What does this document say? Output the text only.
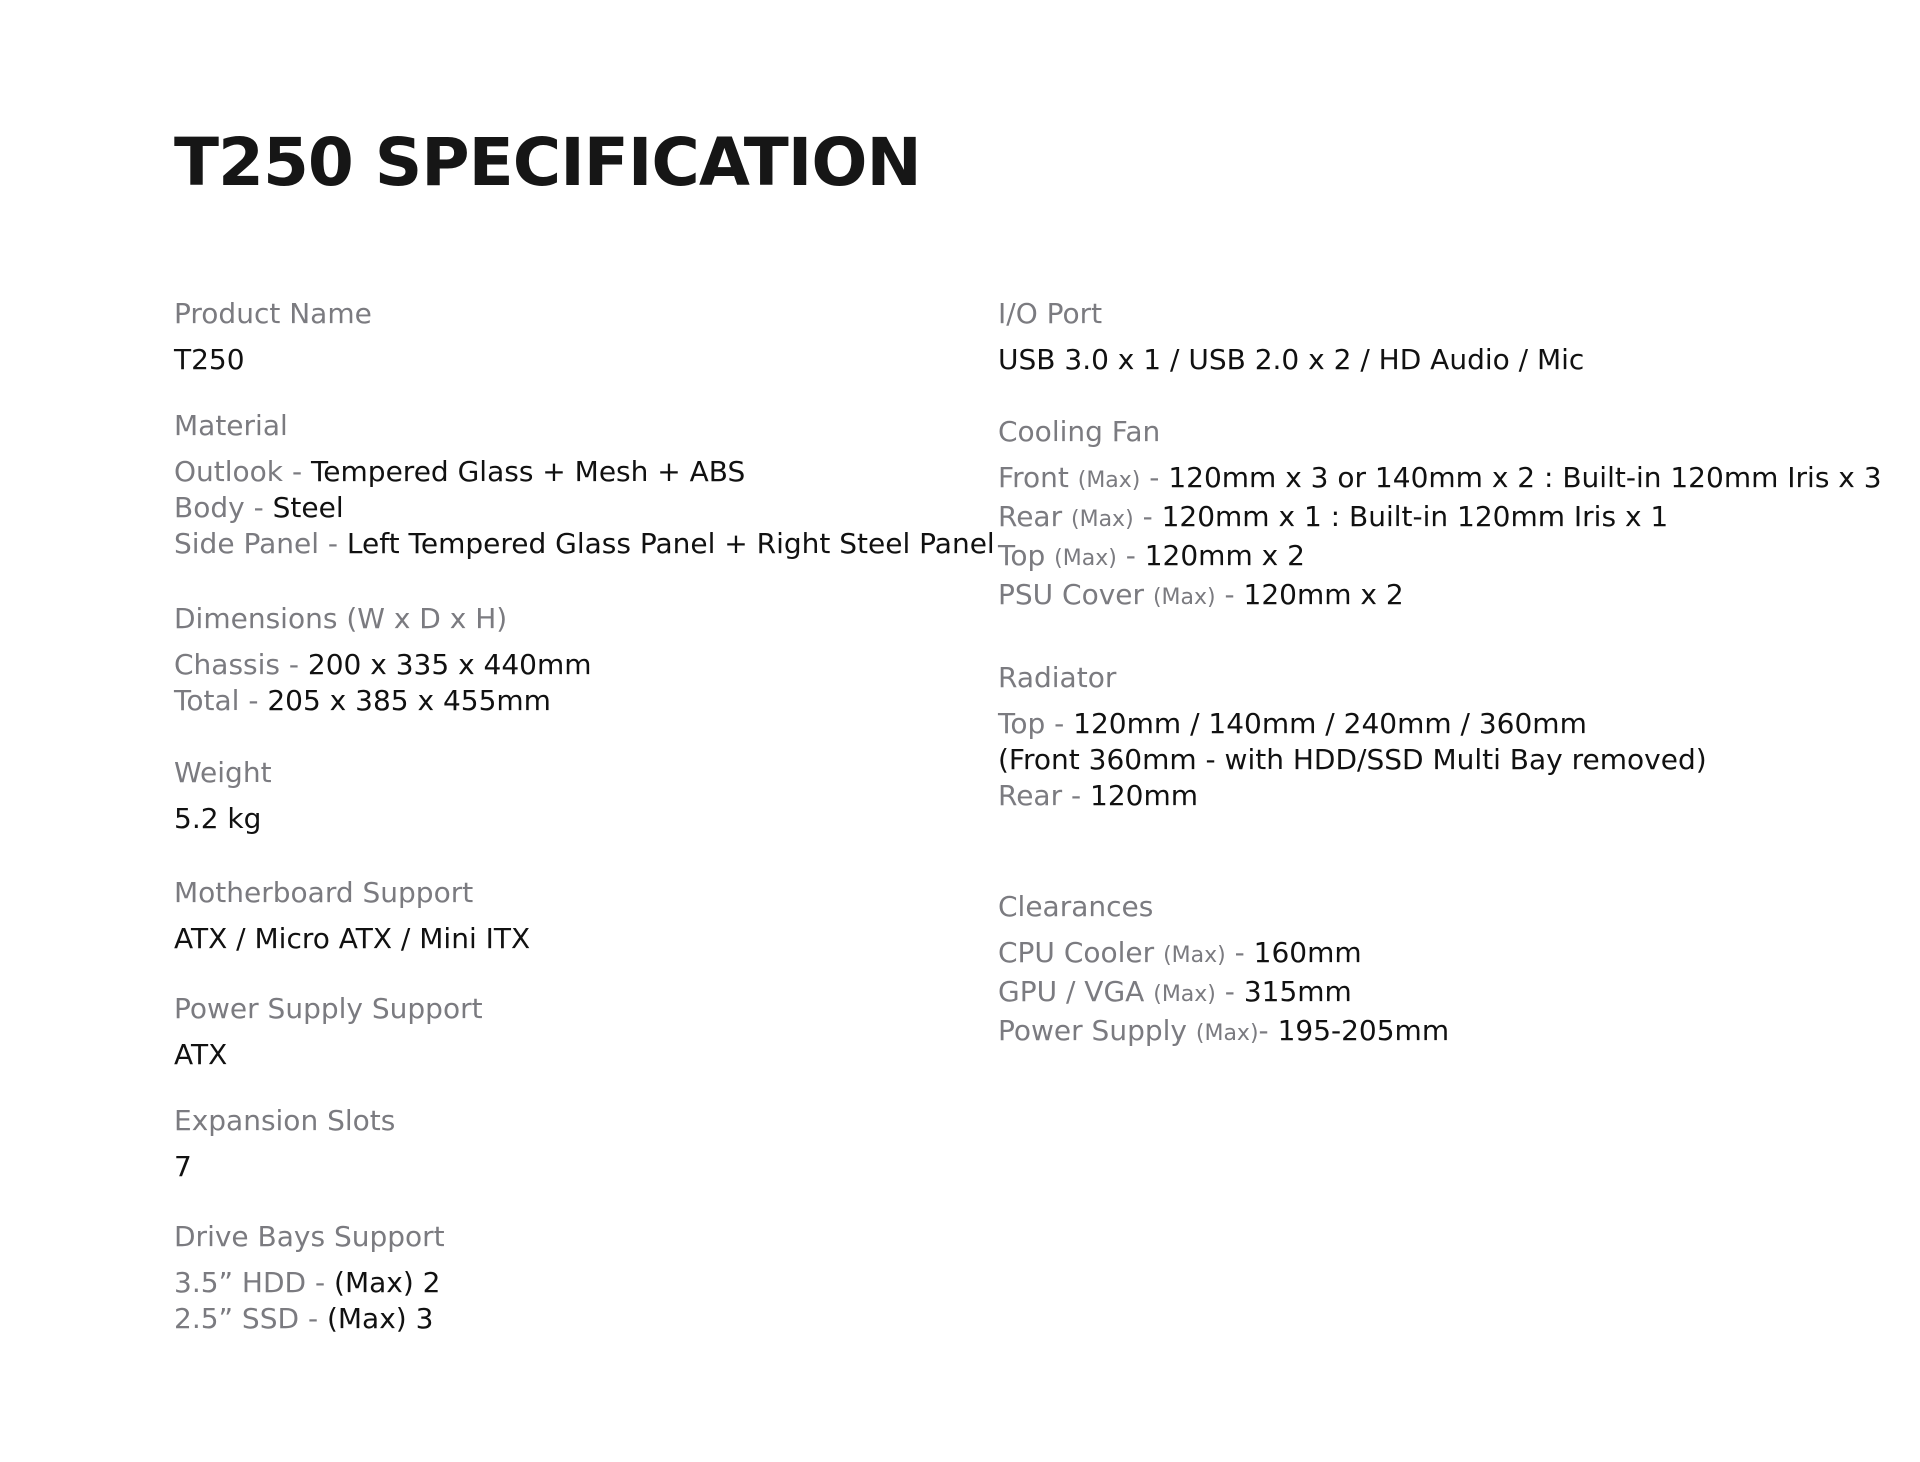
T250 SPECIFICATION

Product Name

T250

Material

Outlook - Tempered Glass + Mesh + ABS
Body - Steel
Side Panel - Left Tempered Glass Panel + Right Steel Panel

Dimensions (W x D x H)

Chassis - 200 x 335 x 440mm
Total - 205 x 385 x 455mm

Weight

5.2 kg

Motherboard Support

ATX / Micro ATX / Mini ITX

Power Supply Support

ATX

Expansion Slots

7

Drive Bays Support

3.5” HDD - (Max) 2
2.5” SSD - (Max) 3

I/O Port

USB 3.0 x 1 / USB 2.0 x 2 / HD Audio / Mic

Cooling Fan

Front (Max) - 120mm x 3 or 140mm x 2 : Built-in 120mm Iris x 3
Rear (Max) - 120mm x 1 : Built-in 120mm Iris x 1
Top (Max) - 120mm x 2
PSU Cover (Max) - 120mm x 2

Radiator

Top - 120mm / 140mm / 240mm / 360mm
(Front 360mm - with HDD/SSD Multi Bay removed)
Rear - 120mm

Clearances

CPU Cooler (Max) - 160mm
GPU / VGA (Max) - 315mm
Power Supply (Max)- 195-205mm
